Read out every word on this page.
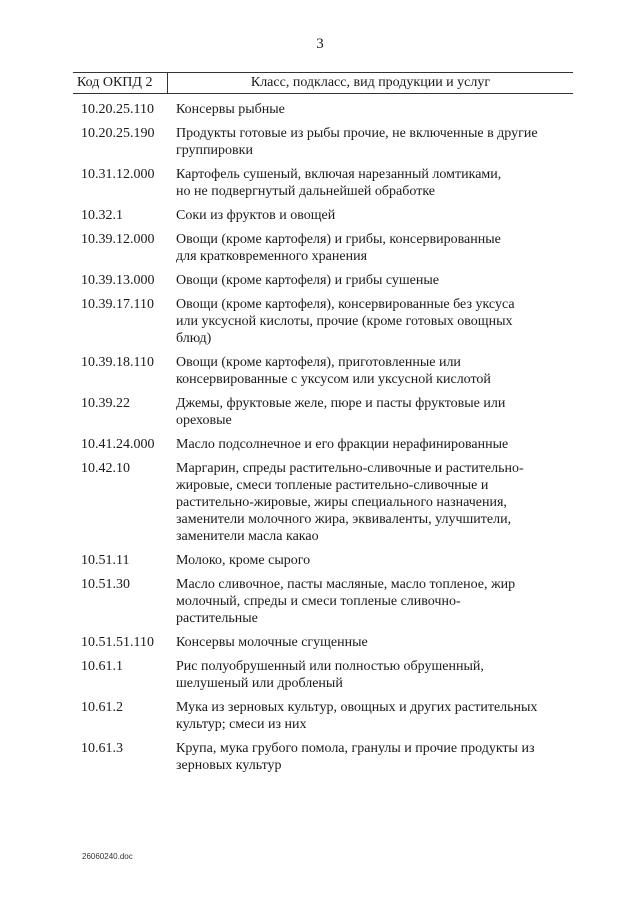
3
Код ОКПД 2	Класс, подкласс, вид продукции и услуг
10.20.25.110	Консервы рыбные
10.20.25.190	Продукты готовые из рыбы прочие, не включенные в другие
группировки
10.31.12.000	Картофель сушеный, включая нарезанный ломтиками,
но не подвергнутый дальнейшей обработке
10.32.1	Соки из фруктов и овощей
10.39.12.000	Овощи (кроме картофеля) и грибы, консервированные
для кратковременного хранения
10.39.13.000	Овощи (кроме картофеля) и грибы сушеные
10.39.17.110	Овощи (кроме картофеля), консервированные без уксуса
или уксусной кислоты, прочие (кроме готовых овощных
блюд)
10.39.18.110	Овощи (кроме картофеля), приготовленные или
консервированные с уксусом или уксусной кислотой
10.39.22	Джемы, фруктовые желе, пюре и пасты фруктовые или
ореховые
10.41.24.000	Масло подсолнечное и его фракции нерафинированные
10.42.10	Маргарин, спреды растительно-сливочные и растительно-
жировые, смеси топленые растительно-сливочные и
растительно-жировые, жиры специального назначения,
заменители молочного жира, эквиваленты, улучшители,
заменители масла какао
10.51.11	Молоко, кроме сырого
10.51.30	Масло сливочное, пасты масляные, масло топленое, жир
молочный, спреды и смеси топленые сливочно-
растительные
10.51.51.110	Консервы молочные сгущенные
10.61.1	Рис полуобрушенный или полностью обрушенный,
шелушеный или дробленый
10.61.2	Мука из зерновых культур, овощных и других растительных
культур; смеси из них
10.61.3	Крупа, мука грубого помола, гранулы и прочие продукты из
зерновых культур
26060240.doc
